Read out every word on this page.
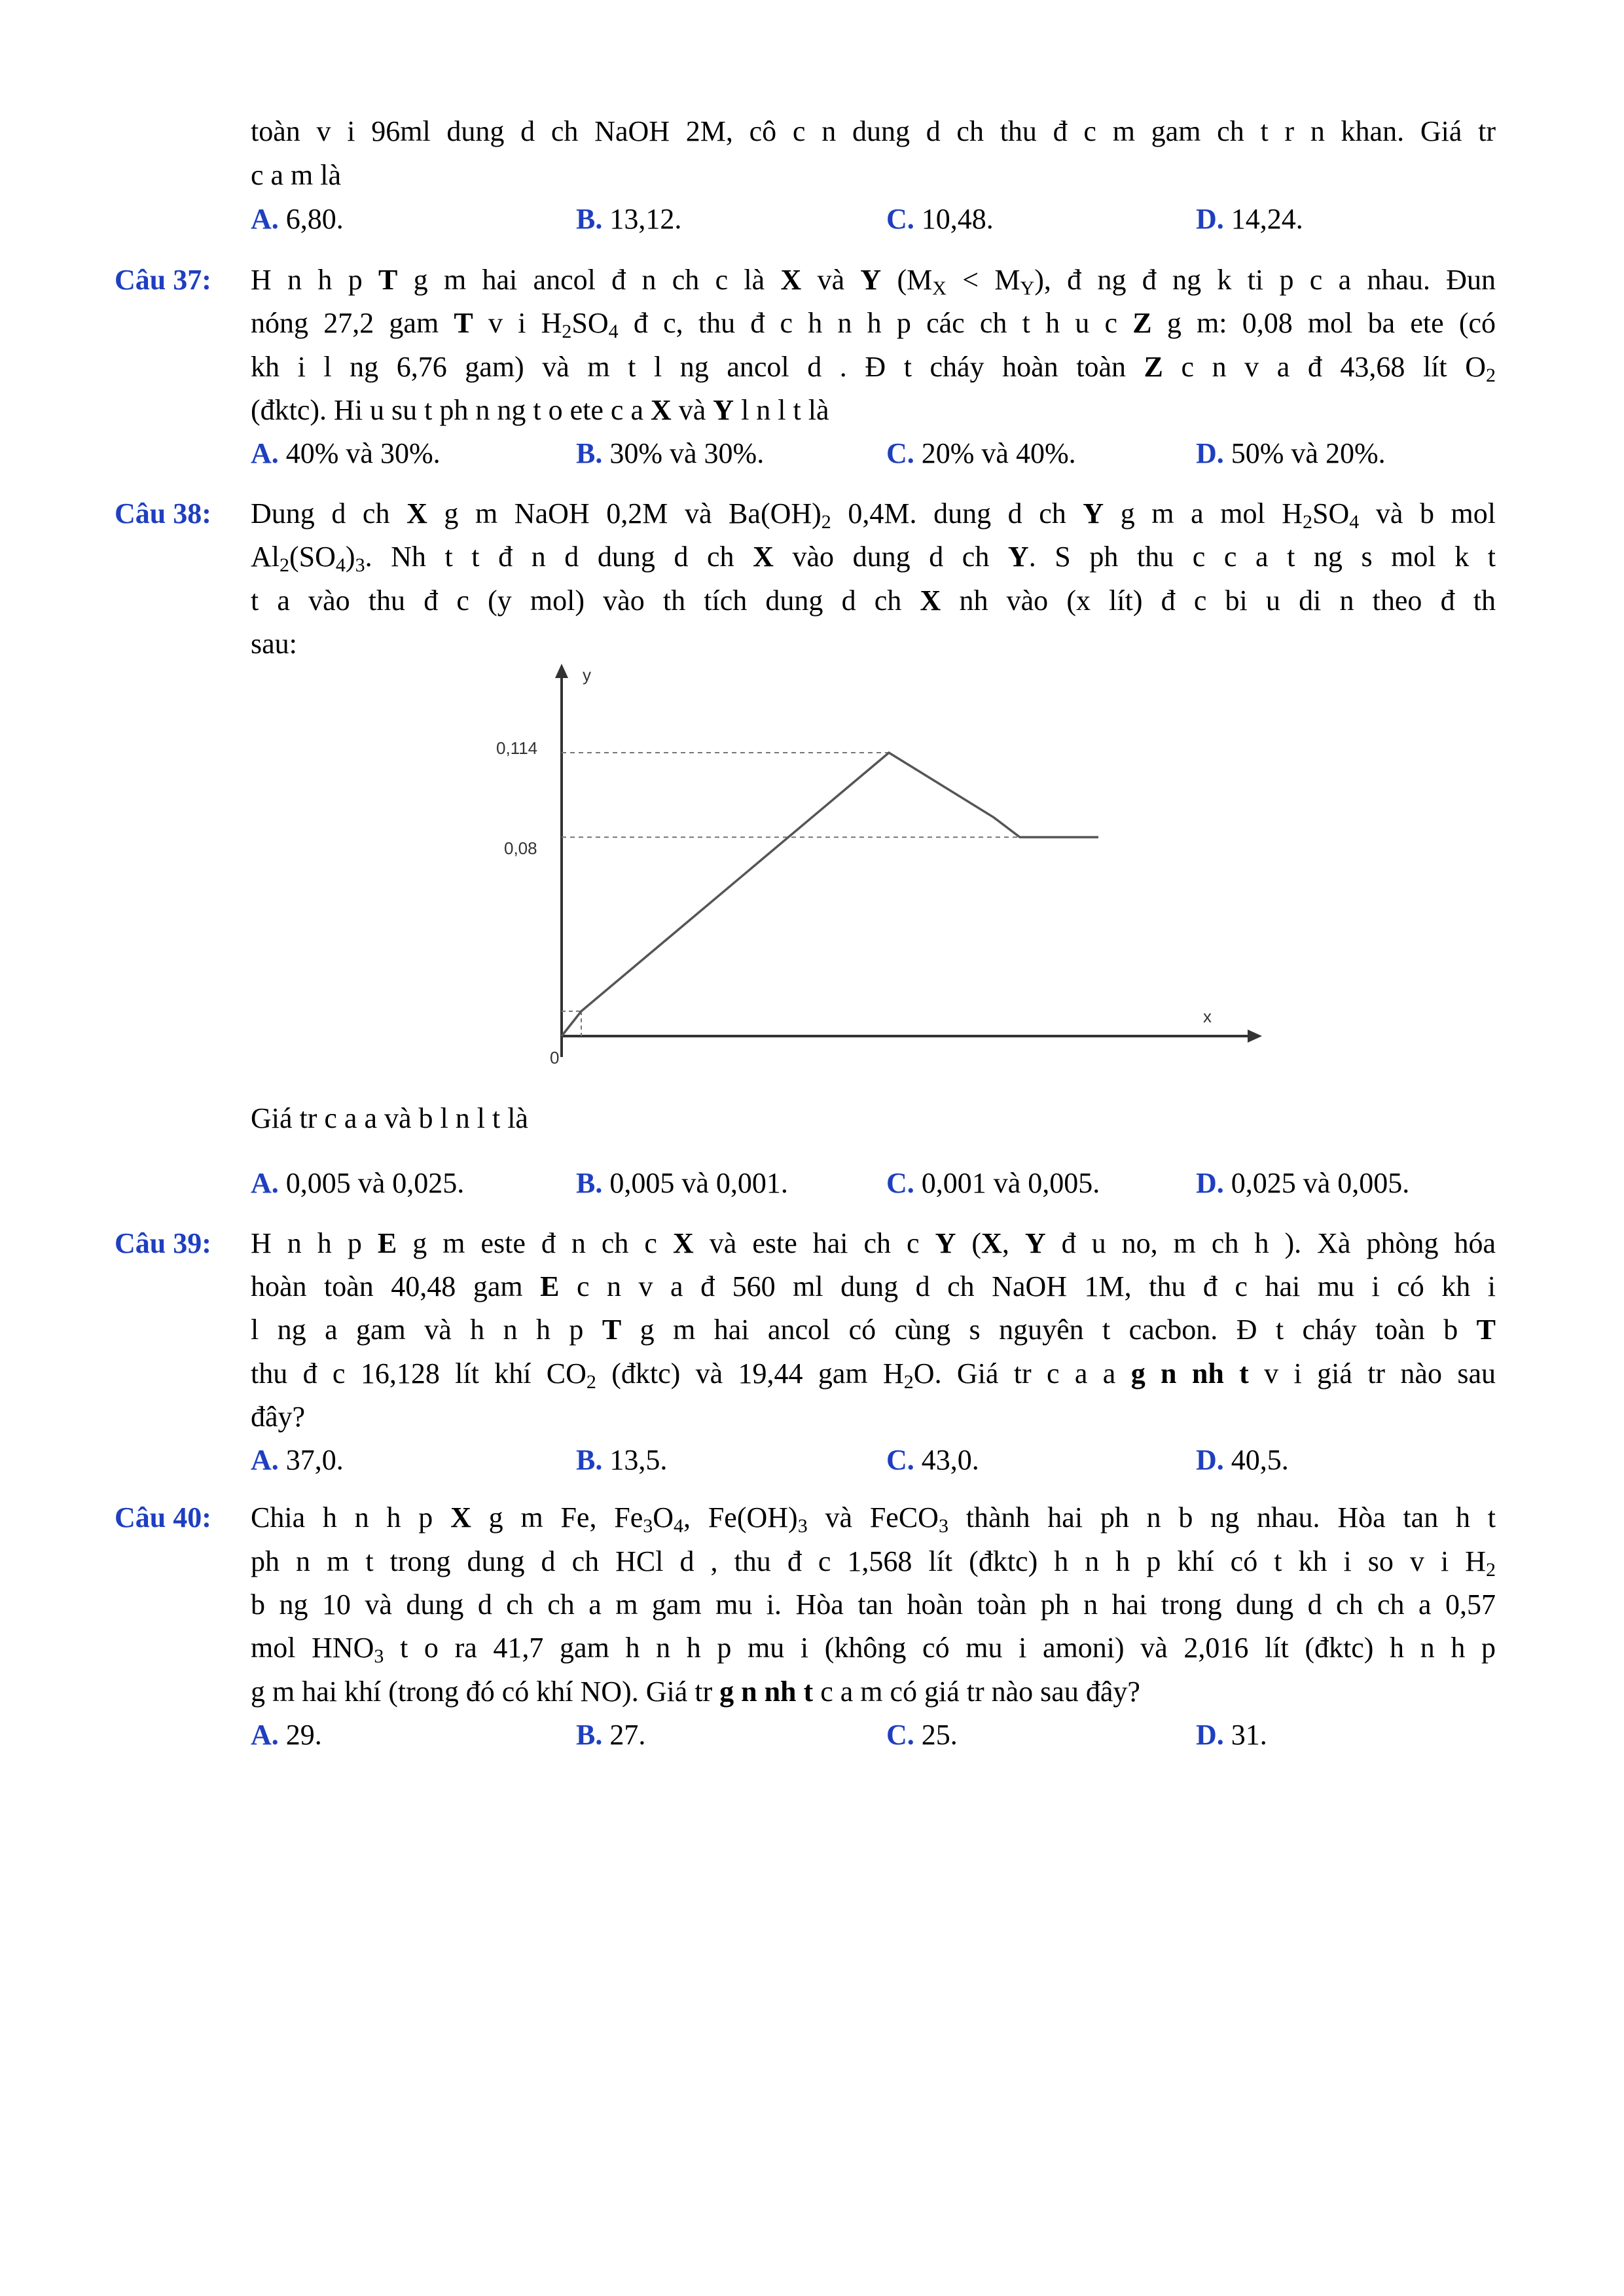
toàn v i 96ml dung d ch NaOH 2M, cô c n dung d ch thu đ c m gam ch t r n khan. Giá tr
c a m là
A. 6,80.	B. 13,12.	C. 10,48.	D. 14,24.
Câu 37: H n h p T g m hai ancol đ n ch c là X và Y $(M_X < M_Y)$, đ ng đ ng k ti p c a nhau. Đun
nóng 27,2 gam T v i $H_2SO_4$ đ c, thu đ c h n h p các ch t h u c Z g m: 0,08 mol ba ete (có
kh i l ng 6,76 gam) và m t l ng ancol d . Đ t cháy hoàn toàn Z c n v a đ 43,68 lít $O_2$
(đktc). Hi u su t ph n ng t o ete c a X và Y l n l t là
A. 40% và 30%.	B. 30% và 30%.	C. 20% và 40%.	D. 50% và 20%.
Câu 38: Dung d ch X g m NaOH 0,2M và $Ba(OH)_2$ 0,4M. dung d ch Y g m a mol $H_2SO_4$ và b mol
$Al_2(SO_4)_3$. Nh t t đ n d dung d ch X vào dung d ch Y. S ph thu c c a t ng s mol k t
t a vào thu đ c (y mol) vào th tích dung d ch X nh vào (x lít) đ c bi u di n theo đ th
sau:
y
x
0
0,114
0,08
Giá tr c a a và b l n l t là
A. 0,005 và 0,025.	B. 0,005 và 0,001.	C. 0,001 và 0,005.	D. 0,025 và 0,005.
Câu 39: H n h p E g m este đ n ch c X và este hai ch c Y (X, Y đ u no, m ch h ). Xà phòng hóa
hoàn toàn 40,48 gam E c n v a đ 560 ml dung d ch NaOH 1M, thu đ c hai mu i có kh i
l ng a gam và h n h p T g m hai ancol có cùng s nguyên t cacbon. Đ t cháy toàn b T
thu đ c 16,128 lít khí $CO_2$ (đktc) và 19,44 gam $H_2O$. Giá tr c a a g n nh t v i giá tr nào sau
đây?
A. 37,0.	B. 13,5.	C. 43,0.	D. 40,5.
Câu 40: Chia h n h p X g m Fe, $Fe_3O_4$, $Fe(OH)_3$ và FeCO$_3$ thành hai ph n b ng nhau. Hòa tan h t
ph n m t trong dung d ch HCl d , thu đ c 1,568 lít (đktc) h n h p khí có t kh i so v i $H_2$
b ng 10 và dung d ch ch a m gam mu i. Hòa tan hoàn toàn ph n hai trong dung d ch ch a 0,57
mol $HNO_3$ t o ra 41,7 gam h n h p mu i (không có mu i amoni) và 2,016 lít (đktc) h n h p
g m hai khí (trong đó có khí NO). Giá tr g n nh t c a m có giá tr nào sau đây?
A. 29.	B. 27.	C. 25.	D. 31.
